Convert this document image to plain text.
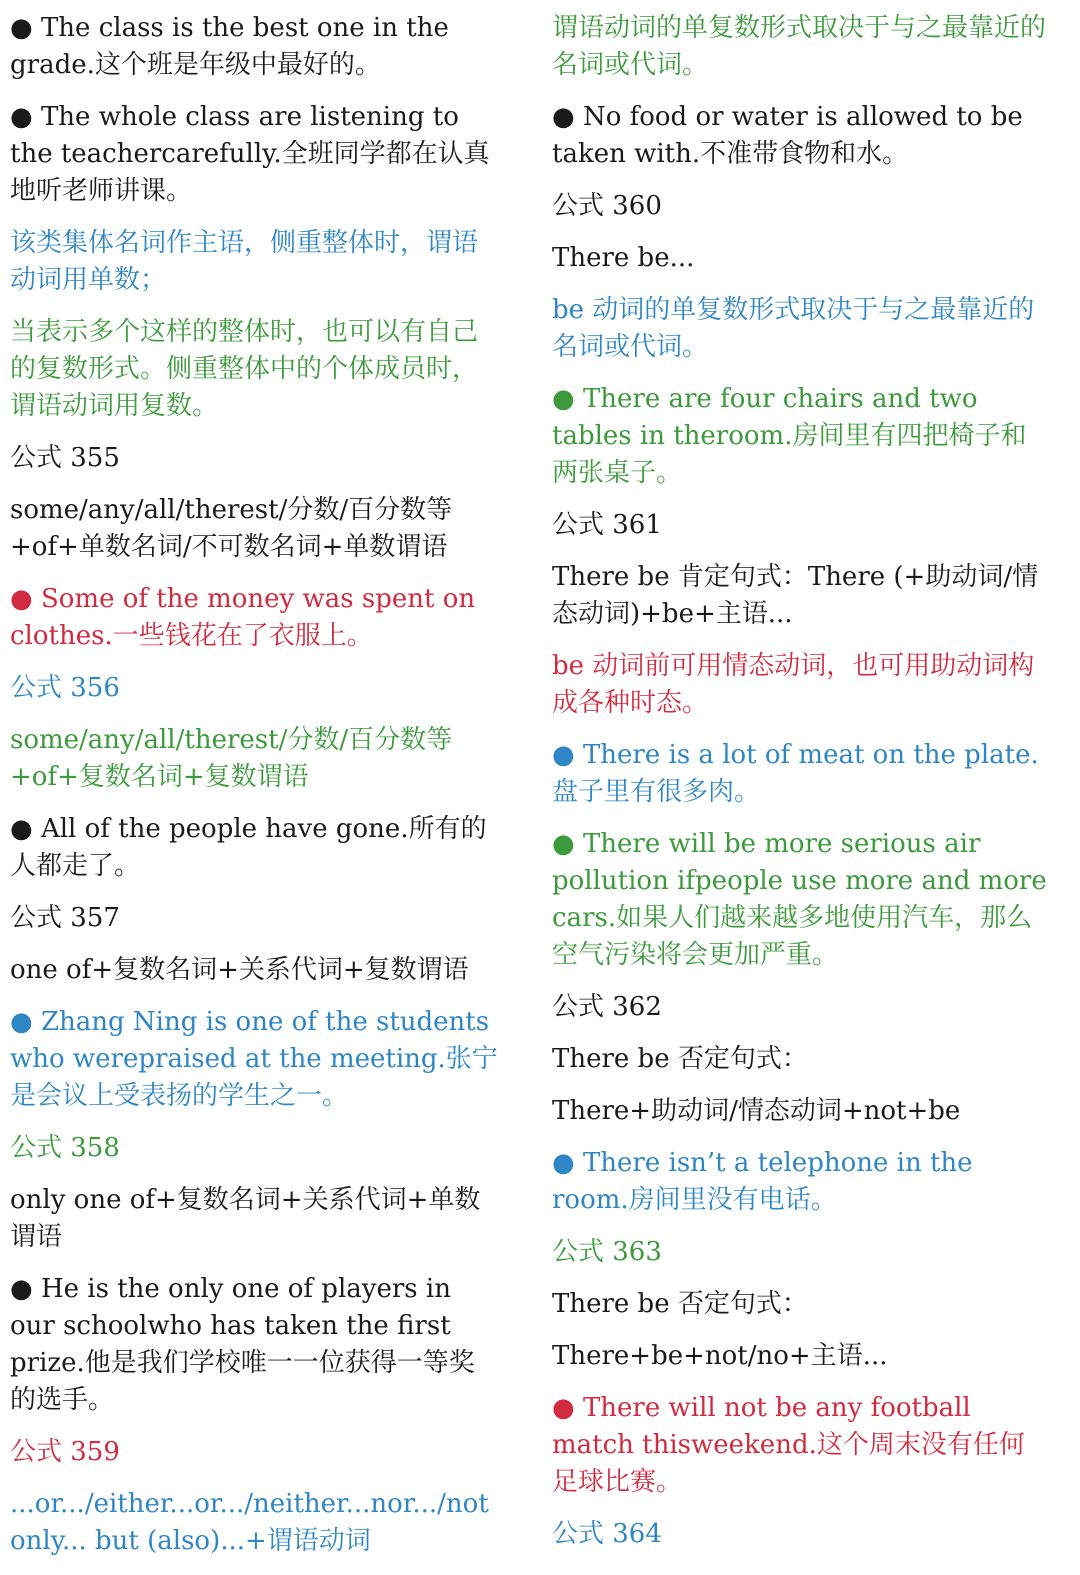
● The class is the best one in the grade.这个班是年级中最好的。

● The whole class are listening to the teachercarefully.全班同学都在认真地听老师讲课。

该类集体名词作主语，侧重整体时，谓语动词用单数；

当表示多个这样的整体时，也可以有自己的复数形式。侧重整体中的个体成员时，谓语动词用复数。

公式 355

some/any/all/therest/分数/百分数等+of+单数名词/不可数名词+单数谓语

● Some of the money was spent on clothes.一些钱花在了衣服上。

公式 356

some/any/all/therest/分数/百分数等+of+复数名词+复数谓语

● All of the people have gone.所有的人都走了。

公式 357

one of+复数名词+关系代词+复数谓语

● Zhang Ning is one of the students who werepraised at the meeting.张宁是会议上受表扬的学生之一。

公式 358

only one of+复数名词+关系代词+单数谓语

● He is the only one of players in our schoolwho has taken the first prize.他是我们学校唯一一位获得一等奖的选手。

公式 359

...or.../either...or.../neither...nor.../notonly... but (also)...+谓语动词

谓语动词的单复数形式取决于与之最靠近的名词或代词。

● No food or water is allowed to be taken with.不准带食物和水。

公式 360

There be...

be 动词的单复数形式取决于与之最靠近的名词或代词。

● There are four chairs and two tables in theroom.房间里有四把椅子和两张桌子。

公式 361

There be 肯定句式：There (+助动词/情态动词)+be+主语...

be 动词前可用情态动词，也可用助动词构成各种时态。

● There is a lot of meat on the plate.盘子里有很多肉。

● There will be more serious air pollution ifpeople use more and more cars.如果人们越来越多地使用汽车，那么空气污染将会更加严重。

公式 362

There be 否定句式：

There+助动词/情态动词+not+be

● There isn’t a telephone in the room.房间里没有电话。

公式 363

There be 否定句式：

There+be+not/no+主语...

● There will not be any football match thisweekend.这个周末没有任何足球比赛。

公式 364
